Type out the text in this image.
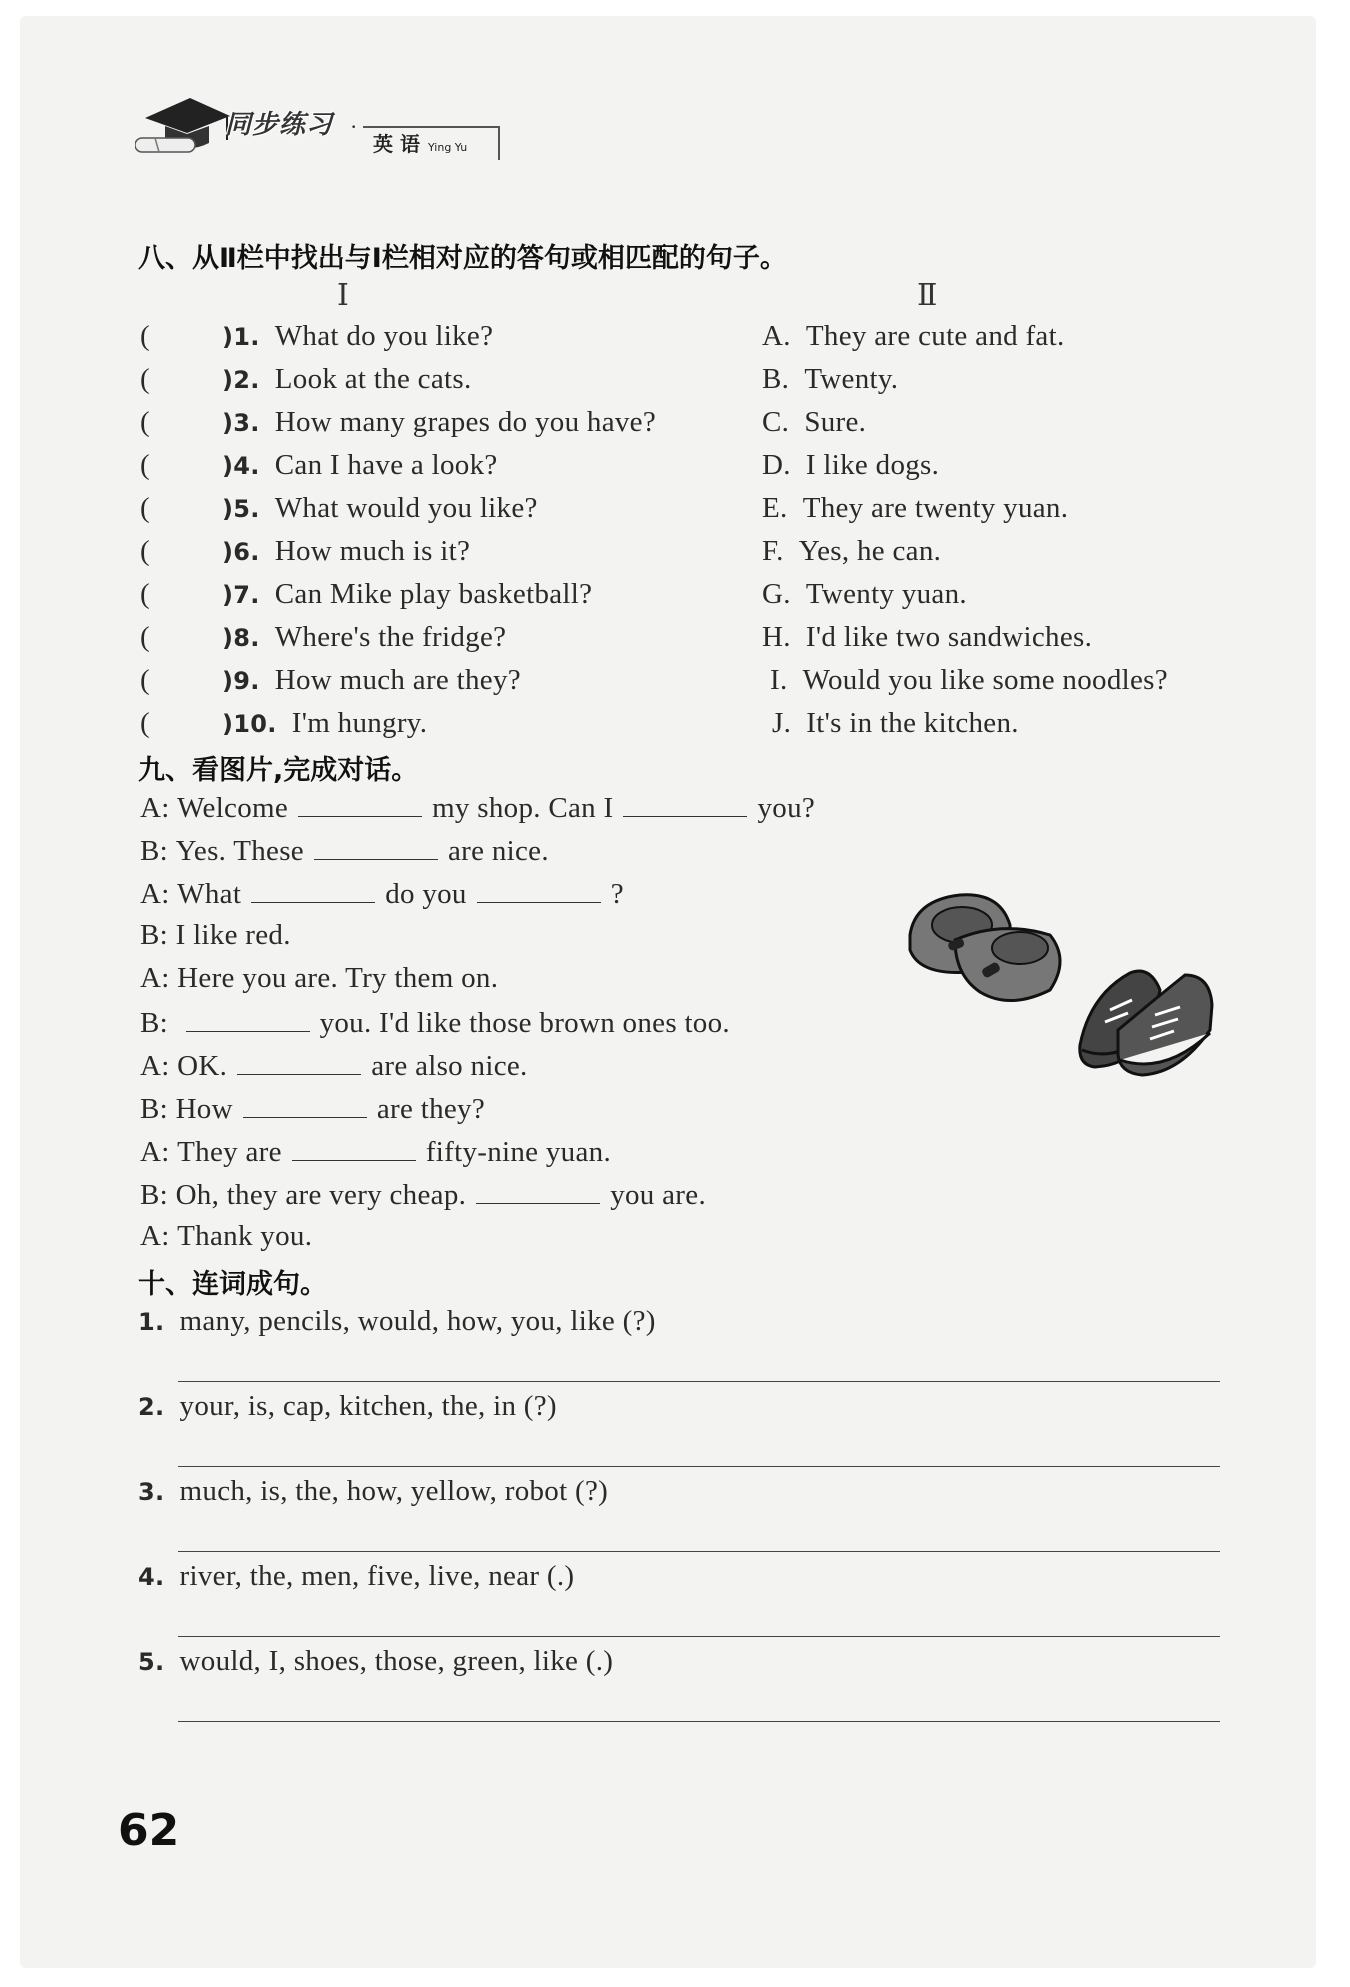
同步练习 ·
英 语 Ying Yu
八、从Ⅱ栏中找出与Ⅰ栏相对应的答句或相匹配的句子。
Ⅰ	Ⅱ
(	)1. What do you like?	A. They are cute and fat.
(	)2. Look at the cats.	B. Twenty.
(	)3. How many grapes do you have?	C. Sure.
(	)4. Can I have a look?	D. I like dogs.
(	)5. What would you like?	E. They are twenty yuan.
(	)6. How much is it?	F. Yes, he can.
(	)7. Can Mike play basketball?	G. Twenty yuan.
(	)8. Where's the fridge?	H. I'd like two sandwiches.
(	)9. How much are they?	I. Would you like some noodles?
(	)10. I'm hungry.	J. It's in the kitchen.
九、看图片,完成对话。
A: Welcome	my shop. Can I	you?
B: Yes. These	are nice.
A: What	do you	?
B: I like red.
A: Here you are. Try them on.
B:	you. I'd like those brown ones too.
A: OK.	are also nice.
B: How	are they?
A: They are	fifty-nine yuan.
B: Oh, they are very cheap.	you are.
A: Thank you.
十、连词成句。
1. many, pencils, would, how, you, like (?)
2. your, is, cap, kitchen, the, in (?)
3. much, is, the, how, yellow, robot (?)
4. river, the, men, five, live, near (.)
5. would, I, shoes, those, green, like (.)
62
